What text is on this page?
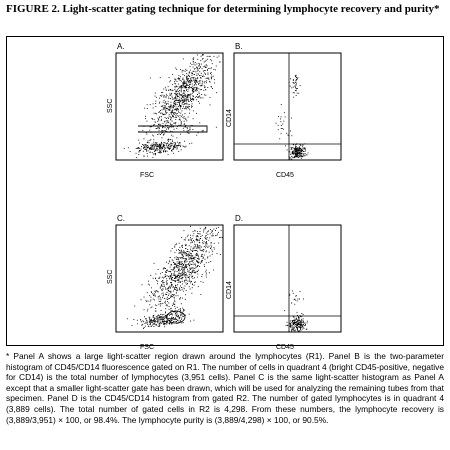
FIGURE 2. Light-scatter gating technique for determining lymphocyte recovery and purity*
A.
FSC
SSC
B.
CD45
CD14
C.
FSC
SSC
D.
CD45
CD14
* Panel A shows a large light-scatter region drawn around the lymphocytes (R1). Panel B is the two-parameter histogram of CD45/CD14 fluorescence gated on R1. The number of cells in quadrant 4 (bright CD45-positive, negative for CD14) is the total number of lymphocytes (3,951 cells). Panel C is the same light-scatter histogram as Panel A except that a smaller light-scatter gate has been drawn, which will be used for analyzing the remaining tubes from that specimen. Panel D is the CD45/CD14 histogram from gated R2. The number of gated lymphocytes is in quadrant 4 (3,889 cells). The total number of gated cells in R2 is 4,298. From these numbers, the lymphocyte recovery is (3,889/3,951) × 100, or 98.4%. The lymphocyte purity is (3,889/4,298) × 100, or 90.5%.
